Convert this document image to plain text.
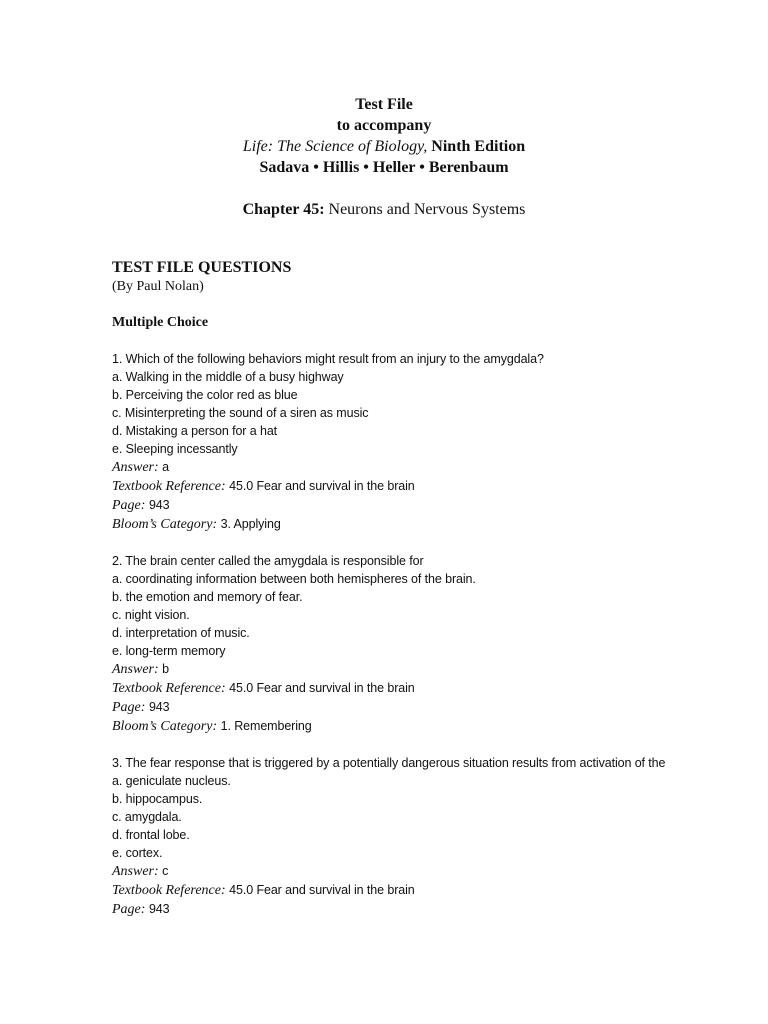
Test File
to accompany
Life: The Science of Biology, Ninth Edition
Sadava • Hillis • Heller • Berenbaum
Chapter 45: Neurons and Nervous Systems
TEST FILE QUESTIONS
(By Paul Nolan)
Multiple Choice
1. Which of the following behaviors might result from an injury to the amygdala?
a. Walking in the middle of a busy highway
b. Perceiving the color red as blue
c. Misinterpreting the sound of a siren as music
d. Mistaking a person for a hat
e. Sleeping incessantly
Answer: a
Textbook Reference: 45.0 Fear and survival in the brain
Page: 943
Bloom’s Category: 3. Applying
2. The brain center called the amygdala is responsible for
a. coordinating information between both hemispheres of the brain.
b. the emotion and memory of fear.
c. night vision.
d. interpretation of music.
e. long-term memory
Answer: b
Textbook Reference: 45.0 Fear and survival in the brain
Page: 943
Bloom’s Category: 1. Remembering
3. The fear response that is triggered by a potentially dangerous situation results from activation of the
a. geniculate nucleus.
b. hippocampus.
c. amygdala.
d. frontal lobe.
e. cortex.
Answer: c
Textbook Reference: 45.0 Fear and survival in the brain
Page: 943
